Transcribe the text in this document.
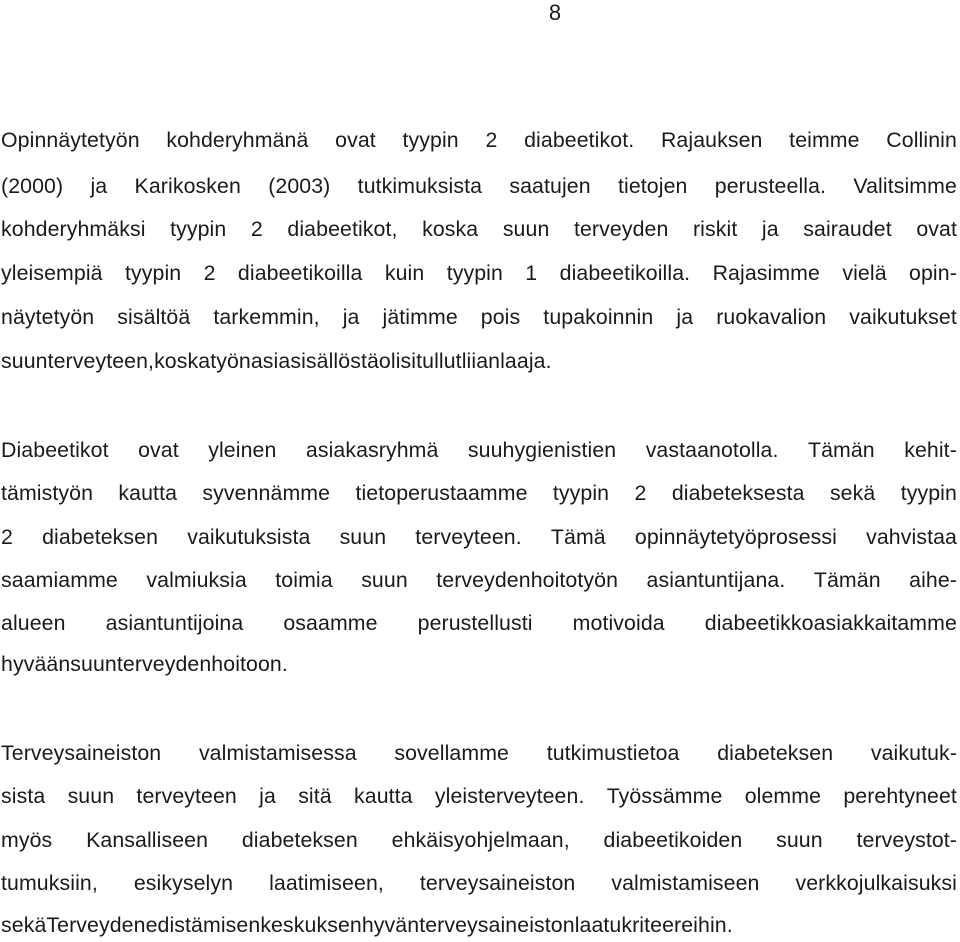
8
Opinnäytetyön kohderyhmänä ovat tyypin 2 diabeetikot. Rajauksen teimme Collinin
(2000) ja Karikosken (2003) tutkimuksista saatujen tietojen perusteella. Valitsimme
kohderyhmäksi tyypin 2 diabeetikot, koska suun terveyden riskit ja sairaudet ovat
yleisempiä tyypin 2 diabeetikoilla kuin tyypin 1 diabeetikoilla. Rajasimme vielä opin-
näytetyön sisältöä tarkemmin, ja jätimme pois tupakoinnin ja ruokavalion vaikutukset
suun terveyteen, koska työn asiasisällöstä olisi tullut liian laaja.
Diabeetikot ovat yleinen asiakasryhmä suuhygienistien vastaanotolla. Tämän kehit-
tämistyön kautta syvennämme tietoperustaamme tyypin 2 diabeteksesta sekä tyypin
2 diabeteksen vaikutuksista suun terveyteen. Tämä opinnäytetyöprosessi vahvistaa
saamiamme valmiuksia toimia suun terveydenhoitotyön asiantuntijana. Tämän aihe-
alueen asiantuntijoina osaamme perustellusti motivoida diabeetikkoasiakkaitamme
hyvään suun terveydenhoitoon.
Terveysaineiston valmistamisessa sovellamme tutkimustietoa diabeteksen vaikutuk-
sista suun terveyteen ja sitä kautta yleisterveyteen. Työssämme olemme perehtyneet
myös Kansalliseen diabeteksen ehkäisyohjelmaan, diabeetikoiden suun terveystot-
tumuksiin, esikyselyn laatimiseen, terveysaineiston valmistamiseen verkkojulkaisuksi
sekä Terveyden edistämisen keskuksen hyvän terveysaineiston laatukriteereihin.
